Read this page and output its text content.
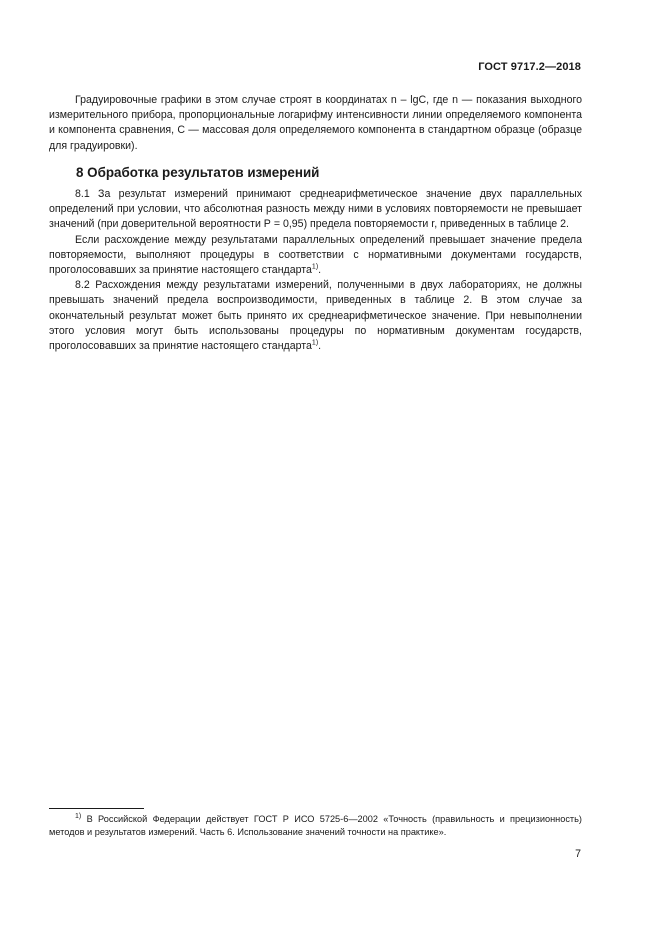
ГОСТ 9717.2—2018

Градуировочные графики в этом случае строят в координатах n – lgC, где n — показания выходного измерительного прибора, пропорциональные логарифму интенсивности линии определяемого компонента и компонента сравнения, С — массовая доля определяемого компонента в стандартном образце (образце для градуировки).

8 Обработка результатов измерений

8.1 За результат измерений принимают среднеарифметическое значение двух параллельных определений при условии, что абсолютная разность между ними в условиях повторяемости не превышает значений (при доверительной вероятности Р = 0,95) предела повторяемости r, приведенных в таблице 2.

Если расхождение между результатами параллельных определений превышает значение предела повторяемости, выполняют процедуры в соответствии с нормативными документами государств, проголосовавших за принятие настоящего стандарта$^{1)}$.

8.2 Расхождения между результатами измерений, полученными в двух лабораториях, не должны превышать значений предела воспроизводимости, приведенных в таблице 2. В этом случае за окончательный результат может быть принято их среднеарифметическое значение. При невыполнении этого условия могут быть использованы процедуры по нормативным документам государств, проголосовавших за принятие настоящего стандарта$^{1)}$.

$^{1)}$ В Российской Федерации действует ГОСТ Р ИСО 5725-6—2002 «Точность (правильность и прецизионность) методов и результатов измерений. Часть 6. Использование значений точности на практике».

7
